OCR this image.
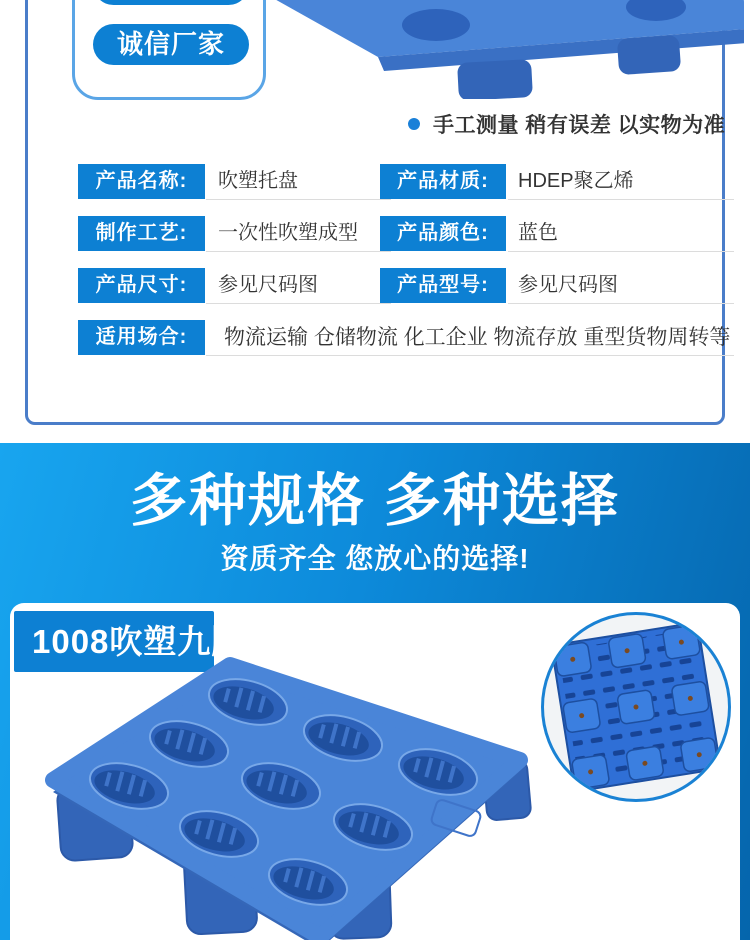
诚信厂家
手工测量 稍有误差 以实物为准
产品名称:	吹塑托盘	产品材质:	HDEP聚乙烯
制作工艺:	一次性吹塑成型	产品颜色:	蓝色
产品尺寸:	参见尺码图	产品型号:	参见尺码图
适用场合:	物流运输 仓储物流 化工企业 物流存放 重型货物周转等
多种规格 多种选择
资质齐全 您放心的选择!
1008吹塑九脚
